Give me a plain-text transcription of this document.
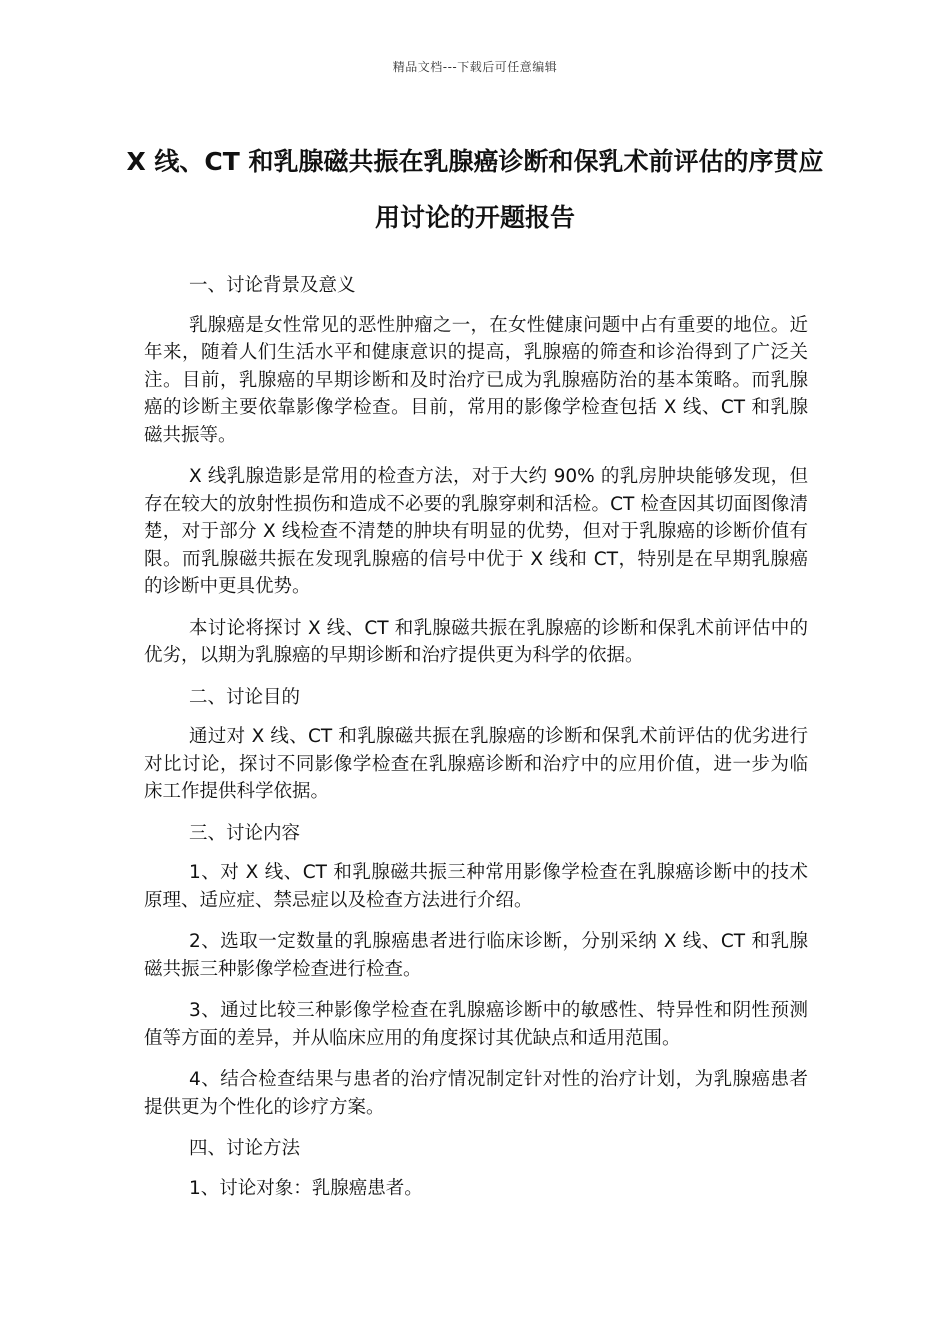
精品文档---下载后可任意编辑
X 线、CT 和乳腺磁共振在乳腺癌诊断和保乳术前评估的序贯应用讨论的开题报告

一、讨论背景及意义

乳腺癌是女性常见的恶性肿瘤之一，在女性健康问题中占有重要的地位。近年来，随着人们生活水平和健康意识的提高，乳腺癌的筛查和诊治得到了广泛关注。目前，乳腺癌的早期诊断和及时治疗已成为乳腺癌防治的基本策略。而乳腺癌的诊断主要依靠影像学检查。目前，常用的影像学检查包括 X 线、CT 和乳腺磁共振等。

X 线乳腺造影是常用的检查方法，对于大约 90% 的乳房肿块能够发现，但存在较大的放射性损伤和造成不必要的乳腺穿刺和活检。CT 检查因其切面图像清楚，对于部分 X 线检查不清楚的肿块有明显的优势，但对于乳腺癌的诊断价值有限。而乳腺磁共振在发现乳腺癌的信号中优于 X 线和 CT，特别是在早期乳腺癌的诊断中更具优势。

本讨论将探讨 X 线、CT 和乳腺磁共振在乳腺癌的诊断和保乳术前评估中的优劣，以期为乳腺癌的早期诊断和治疗提供更为科学的依据。

二、讨论目的

通过对 X 线、CT 和乳腺磁共振在乳腺癌的诊断和保乳术前评估的优劣进行对比讨论，探讨不同影像学检查在乳腺癌诊断和治疗中的应用价值，进一步为临床工作提供科学依据。

三、讨论内容

1、对 X 线、CT 和乳腺磁共振三种常用影像学检查在乳腺癌诊断中的技术原理、适应症、禁忌症以及检查方法进行介绍。

2、选取一定数量的乳腺癌患者进行临床诊断，分别采纳 X 线、CT 和乳腺磁共振三种影像学检查进行检查。

3、通过比较三种影像学检查在乳腺癌诊断中的敏感性、特异性和阴性预测值等方面的差异，并从临床应用的角度探讨其优缺点和适用范围。

4、结合检查结果与患者的治疗情况制定针对性的治疗计划，为乳腺癌患者提供更为个性化的诊疗方案。

四、讨论方法

1、讨论对象：乳腺癌患者。
